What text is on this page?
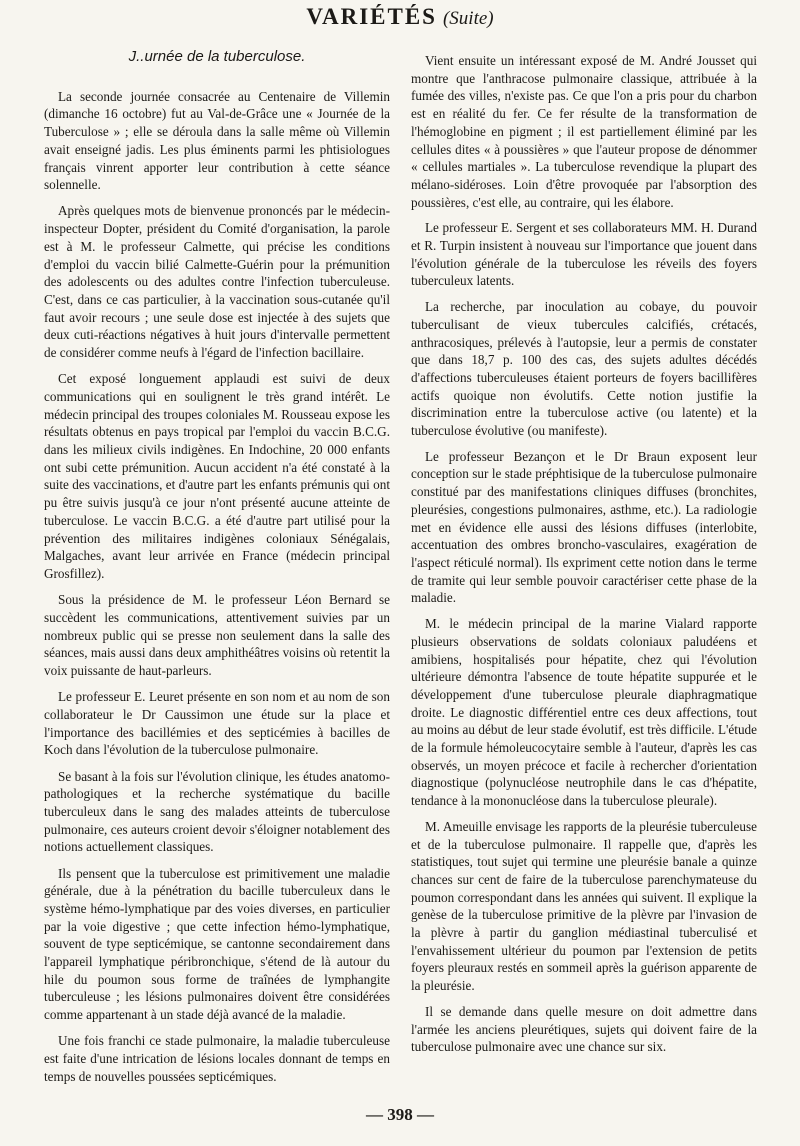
VARIÉTÉS (Suite)
J..urnée de la tuberculose.

La seconde journée consacrée au Centenaire de Villemin (dimanche 16 octobre) fut au Val-de-Grâce une « Journée de la Tuberculose » ; elle se déroula dans la salle même où Villemin avait enseigné jadis. Les plus éminents parmi les phtisiologues français vinrent apporter leur contribution à cette séance solennelle.

Après quelques mots de bienvenue prononcés par le médecin-inspecteur Dopter, président du Comité d'organisation, la parole est à M. le professeur Calmette, qui précise les conditions d'emploi du vaccin bilié Calmette-Guérin pour la prémunition des adolescents ou des adultes contre l'infection tuberculeuse. C'est, dans ce cas particulier, à la vaccination sous-cutanée qu'il faut avoir recours ; une seule dose est injectée à des sujets que deux cuti-réactions négatives à huit jours d'intervalle permettent de considérer comme neufs à l'égard de l'infection bacillaire.

Cet exposé longuement applaudi est suivi de deux communications qui en soulignent le très grand intérêt. Le médecin principal des troupes coloniales M. Rousseau expose les résultats obtenus en pays tropical par l'emploi du vaccin B.C.G. dans les milieux civils indigènes. En Indochine, 20 000 enfants ont subi cette prémunition. Aucun accident n'a été constaté à la suite des vaccinations, et d'autre part les enfants prémunis qui ont pu être suivis jusqu'à ce jour n'ont présenté aucune atteinte de tuberculose. Le vaccin B.C.G. a été d'autre part utilisé pour la prévention des militaires indigènes coloniaux Sénégalais, Malgaches, avant leur arrivée en France (médecin principal Grosfillez).

Sous la présidence de M. le professeur Léon Bernard se succèdent les communications, attentivement suivies par un nombreux public qui se presse non seulement dans la salle des séances, mais aussi dans deux amphithéâtres voisins où retentit la voix puissante de haut-parleurs.

Le professeur E. Leuret présente en son nom et au nom de son collaborateur le Dr Caussimon une étude sur la place et l'importance des bacillémies et des septicémies à bacilles de Koch dans l'évolution de la tuberculose pulmonaire.

Se basant à la fois sur l'évolution clinique, les études anatomo-pathologiques et la recherche systématique du bacille tuberculeux dans le sang des malades atteints de tuberculose pulmonaire, ces auteurs croient devoir s'éloigner notablement des notions actuellement classiques.

Ils pensent que la tuberculose est primitivement une maladie générale, due à la pénétration du bacille tuberculeux dans le système hémo-lymphatique par des voies diverses, en particulier par la voie digestive ; que cette infection hémo-lymphatique, souvent de type septicémique, se cantonne secondairement dans l'appareil lymphatique péribronchique, s'étend de là autour du hile du poumon sous forme de traînées de lymphangite tuberculeuse ; les lésions pulmonaires doivent être considérées comme appartenant à un stade déjà avancé de la maladie.

Une fois franchi ce stade pulmonaire, la maladie tuberculeuse est faite d'une intrication de lésions locales donnant de temps en temps de nouvelles poussées septicémiques.

Vient ensuite un intéressant exposé de M. André Jousset qui montre que l'anthracose pulmonaire classique, attribuée à la fumée des villes, n'existe pas. Ce que l'on a pris pour du charbon est en réalité du fer. Ce fer résulte de la transformation de l'hémoglobine en pigment ; il est partiellement éliminé par les cellules dites « à poussières » que l'auteur propose de dénommer « cellules martiales ». La tuberculose revendique la plupart des mélano-sidéroses. Loin d'être provoquée par l'absorption des poussières, c'est elle, au contraire, qui les élabore.

Le professeur E. Sergent et ses collaborateurs MM. H. Durand et R. Turpin insistent à nouveau sur l'importance que jouent dans l'évolution générale de la tuberculose les réveils des foyers tuberculeux latents.

La recherche, par inoculation au cobaye, du pouvoir tuberculisant de vieux tubercules calcifiés, crétacés, anthracosiques, prélevés à l'autopsie, leur a permis de constater que dans 18,7 p. 100 des cas, des sujets adultes décédés d'affections tuberculeuses étaient porteurs de foyers bacillifères actifs quoique non évolutifs. Cette notion justifie la discrimination entre la tuberculose active (ou latente) et la tuberculose évolutive (ou manifeste).

Le professeur Bezançon et le Dr Braun exposent leur conception sur le stade préphtisique de la tuberculose pulmonaire constitué par des manifestations cliniques diffuses (bronchites, pleurésies, congestions pulmonaires, asthme, etc.). La radiologie met en évidence elle aussi des lésions diffuses (interlobite, accentuation des ombres broncho-vasculaires, exagération de l'aspect réticulé normal). Ils expriment cette notion dans le terme de tramite qui leur semble pouvoir caractériser cette phase de la maladie.

M. le médecin principal de la marine Vialard rapporte plusieurs observations de soldats coloniaux paludéens et amibiens, hospitalisés pour hépatite, chez qui l'évolution ultérieure démontra l'absence de toute hépatite suppurée et le développement d'une tuberculose pleurale diaphragmatique droite. Le diagnostic différentiel entre ces deux affections, tout au moins au début de leur stade évolutif, est très difficile. L'étude de la formule hémoleucocytaire semble à l'auteur, d'après les cas observés, un moyen précoce et facile à rechercher d'orientation diagnostique (polynucléose neutrophile dans le cas d'hépatite, tendance à la mononucléose dans la tuberculose pleurale).

M. Ameuille envisage les rapports de la pleurésie tuberculeuse et de la tuberculose pulmonaire. Il rappelle que, d'après les statistiques, tout sujet qui termine une pleurésie banale a quinze chances sur cent de faire de la tuberculose parenchymateuse du poumon correspondant dans les années qui suivent. Il explique la genèse de la tuberculose primitive de la plèvre par l'invasion de la plèvre à partir du ganglion médiastinal tuberculisé et l'envahissement ultérieur du poumon par l'extension de petits foyers pleuraux restés en sommeil après la guérison apparente de la pleurésie.

Il se demande dans quelle mesure on doit admettre dans l'armée les anciens pleurétiques, sujets qui doivent faire de la tuberculose pulmonaire avec une chance sur six.

— 398 —
